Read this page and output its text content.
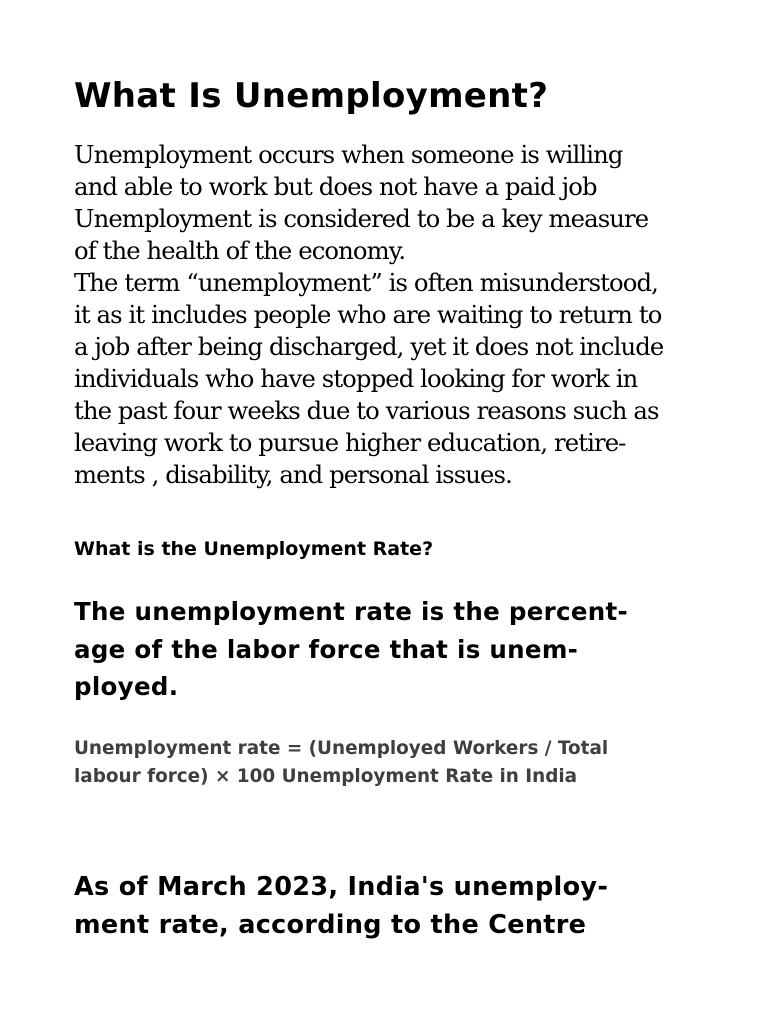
What Is Unemployment?

Unemployment occurs when someone is willing
and able to work but does not have a paid job
Unemployment is considered to be a key measure
of the health of the economy.
The term “unemployment” is often misunderstood,
it as it includes people who are waiting to return to
a job after being discharged, yet it does not include
individuals who have stopped looking for work in
the past four weeks due to various reasons such as
leaving work to pursue higher education, retire-
ments , disability, and personal issues.

What is the Unemployment Rate?

The unemployment rate is the percent-
age of the labor force that is unem-
ployed.

Unemployment rate = (Unemployed Workers / Total
labour force) × 100 Unemployment Rate in India

As of March 2023, India's unemploy-
ment rate, according to the Centre
